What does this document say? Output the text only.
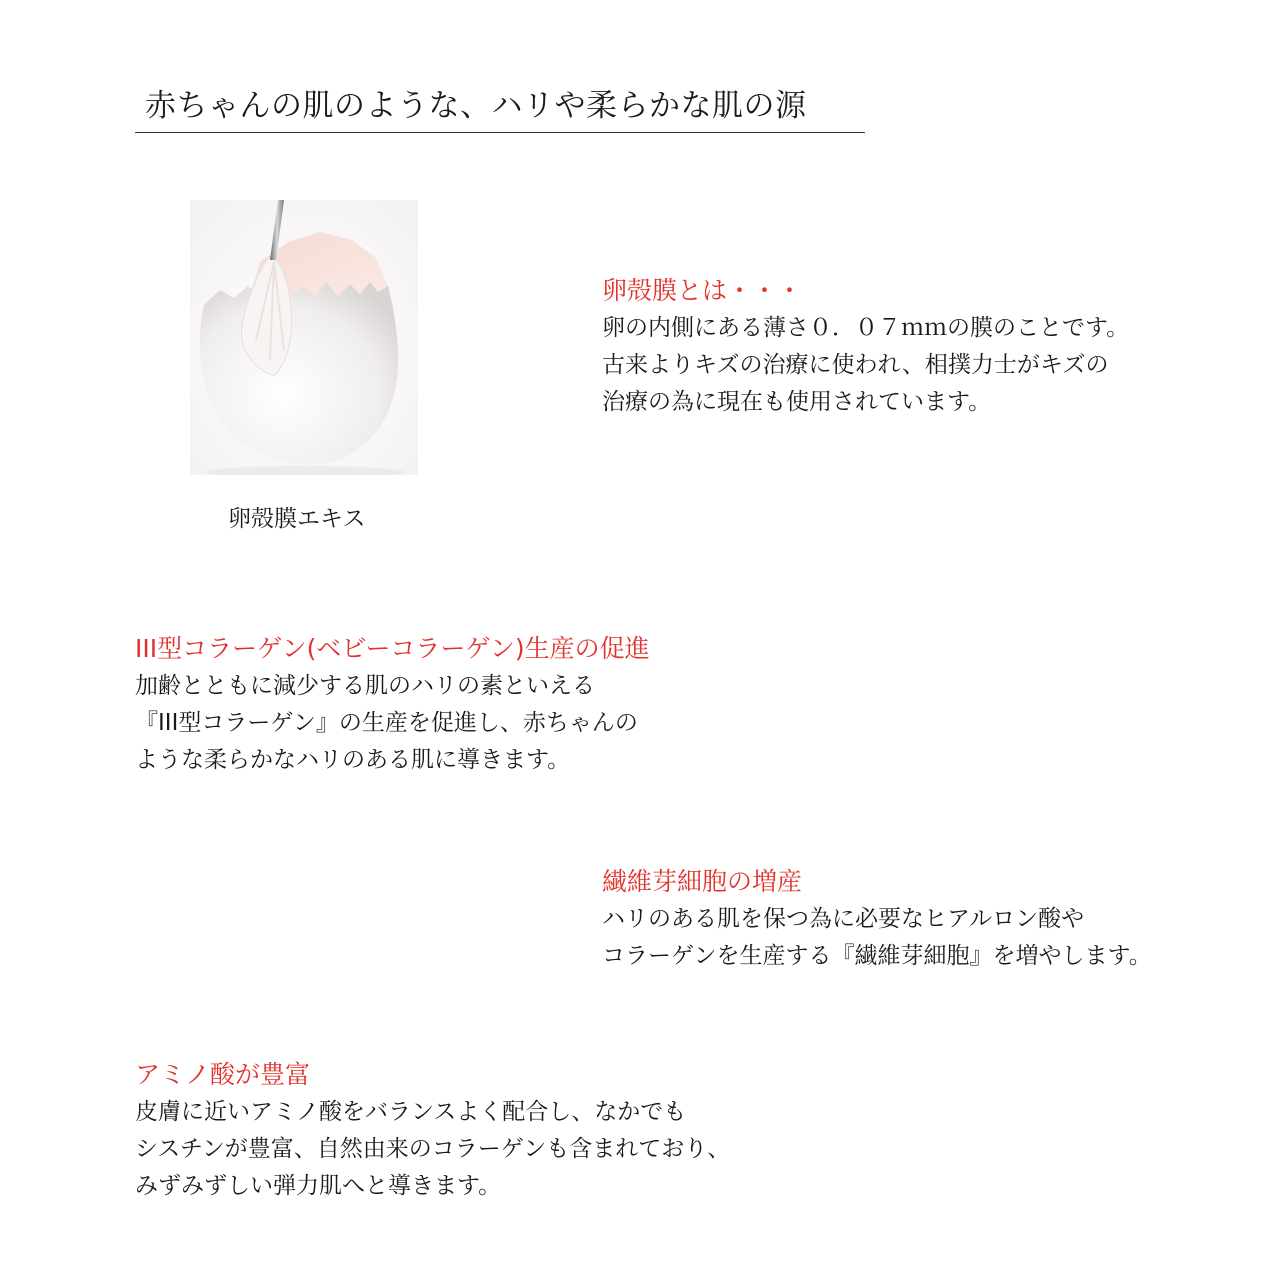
赤ちゃんの肌のような、ハリや柔らかな肌の源
卵殻膜エキス
卵殻膜とは・・・
卵の内側にある薄さ０．０７ｍｍの膜のことです。
古来よりキズの治療に使われ、相撲力士がキズの
治療の為に現在も使用されています。
III型コラーゲン(ベビーコラーゲン)生産の促進
加齢とともに減少する肌のハリの素といえる
『III型コラーゲン』の生産を促進し、赤ちゃんの
ような柔らかなハリのある肌に導きます。
繊維芽細胞の増産
ハリのある肌を保つ為に必要なヒアルロン酸や
コラーゲンを生産する『繊維芽細胞』を増やします。
アミノ酸が豊富
皮膚に近いアミノ酸をバランスよく配合し、なかでも
シスチンが豊富、自然由来のコラーゲンも含まれており、
みずみずしい弾力肌へと導きます。
